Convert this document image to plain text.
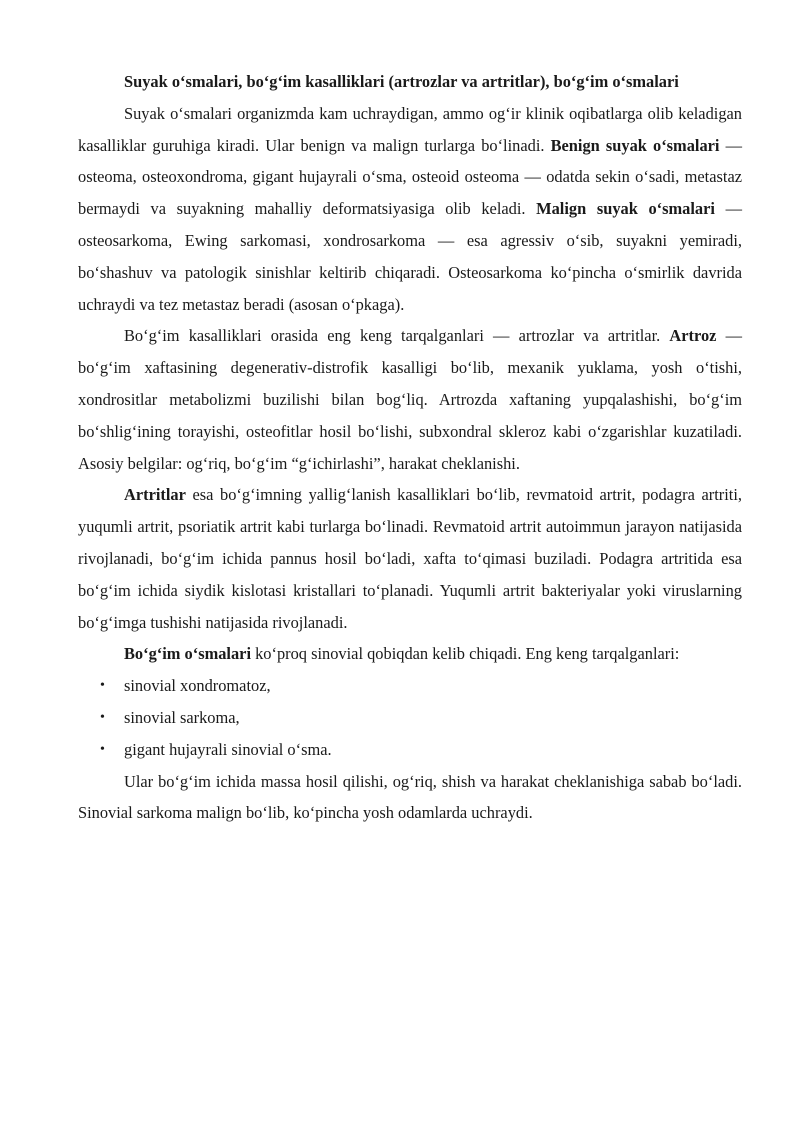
Suyak o‘smalari, bo‘g‘im kasalliklari (artrozlar va artritlar), bo‘g‘im o‘smalari

Suyak o‘smalari organizmda kam uchraydigan, ammo og‘ir klinik oqibatlarga olib keladigan kasalliklar guruhiga kiradi. Ular benign va malign turlarga bo‘linadi. Benign suyak o‘smalari — osteoma, osteoxondroma, gigant hujayrali o‘sma, osteoid osteoma — odatda sekin o‘sadi, metastaz bermaydi va suyakning mahalliy deformatsiyasiga olib keladi. Malign suyak o‘smalari — osteosarkoma, Ewing sarkomasi, xondrosarkoma — esa agressiv o‘sib, suyakni yemiradi, bo‘shashuv va patologik sinishlar keltirib chiqaradi. Osteosarkoma ko‘pincha o‘smirlik davrida uchraydi va tez metastaz beradi (asosan o‘pkaga).

Bo‘g‘im kasalliklari orasida eng keng tarqalganlari — artrozlar va artritlar. Artroz — bo‘g‘im xaftasining degenerativ-distrofik kasalligi bo‘lib, mexanik yuklama, yosh o‘tishi, xondrositlar metabolizmi buzilishi bilan bog‘liq. Artrozda xaftaning yupqalashishi, bo‘g‘im bo‘shlig‘ining torayishi, osteofitlar hosil bo‘lishi, subxondral skleroz kabi o‘zgarishlar kuzatiladi. Asosiy belgilar: og‘riq, bo‘g‘im “g‘ichirlashi”, harakat cheklanishi.

Artritlar esa bo‘g‘imning yallig‘lanish kasalliklari bo‘lib, revmatoid artrit, podagra artriti, yuqumli artrit, psoriatik artrit kabi turlarga bo‘linadi. Revmatoid artrit autoimmun jarayon natijasida rivojlanadi, bo‘g‘im ichida pannus hosil bo‘ladi, xafta to‘qimasi buziladi. Podagra artritida esa bo‘g‘im ichida siydik kislotasi kristallari to‘planadi. Yuqumli artrit bakteriyalar yoki viruslarning bo‘g‘imga tushishi natijasida rivojlanadi.

Bo‘g‘im o‘smalari ko‘proq sinovial qobiqdan kelib chiqadi. Eng keng tarqalganlari:

• sinovial xondromatoz,
• sinovial sarkoma,
• gigant hujayrali sinovial o‘sma.

Ular bo‘g‘im ichida massa hosil qilishi, og‘riq, shish va harakat cheklanishiga sabab bo‘ladi. Sinovial sarkoma malign bo‘lib, ko‘pincha yosh odamlarda uchraydi.
